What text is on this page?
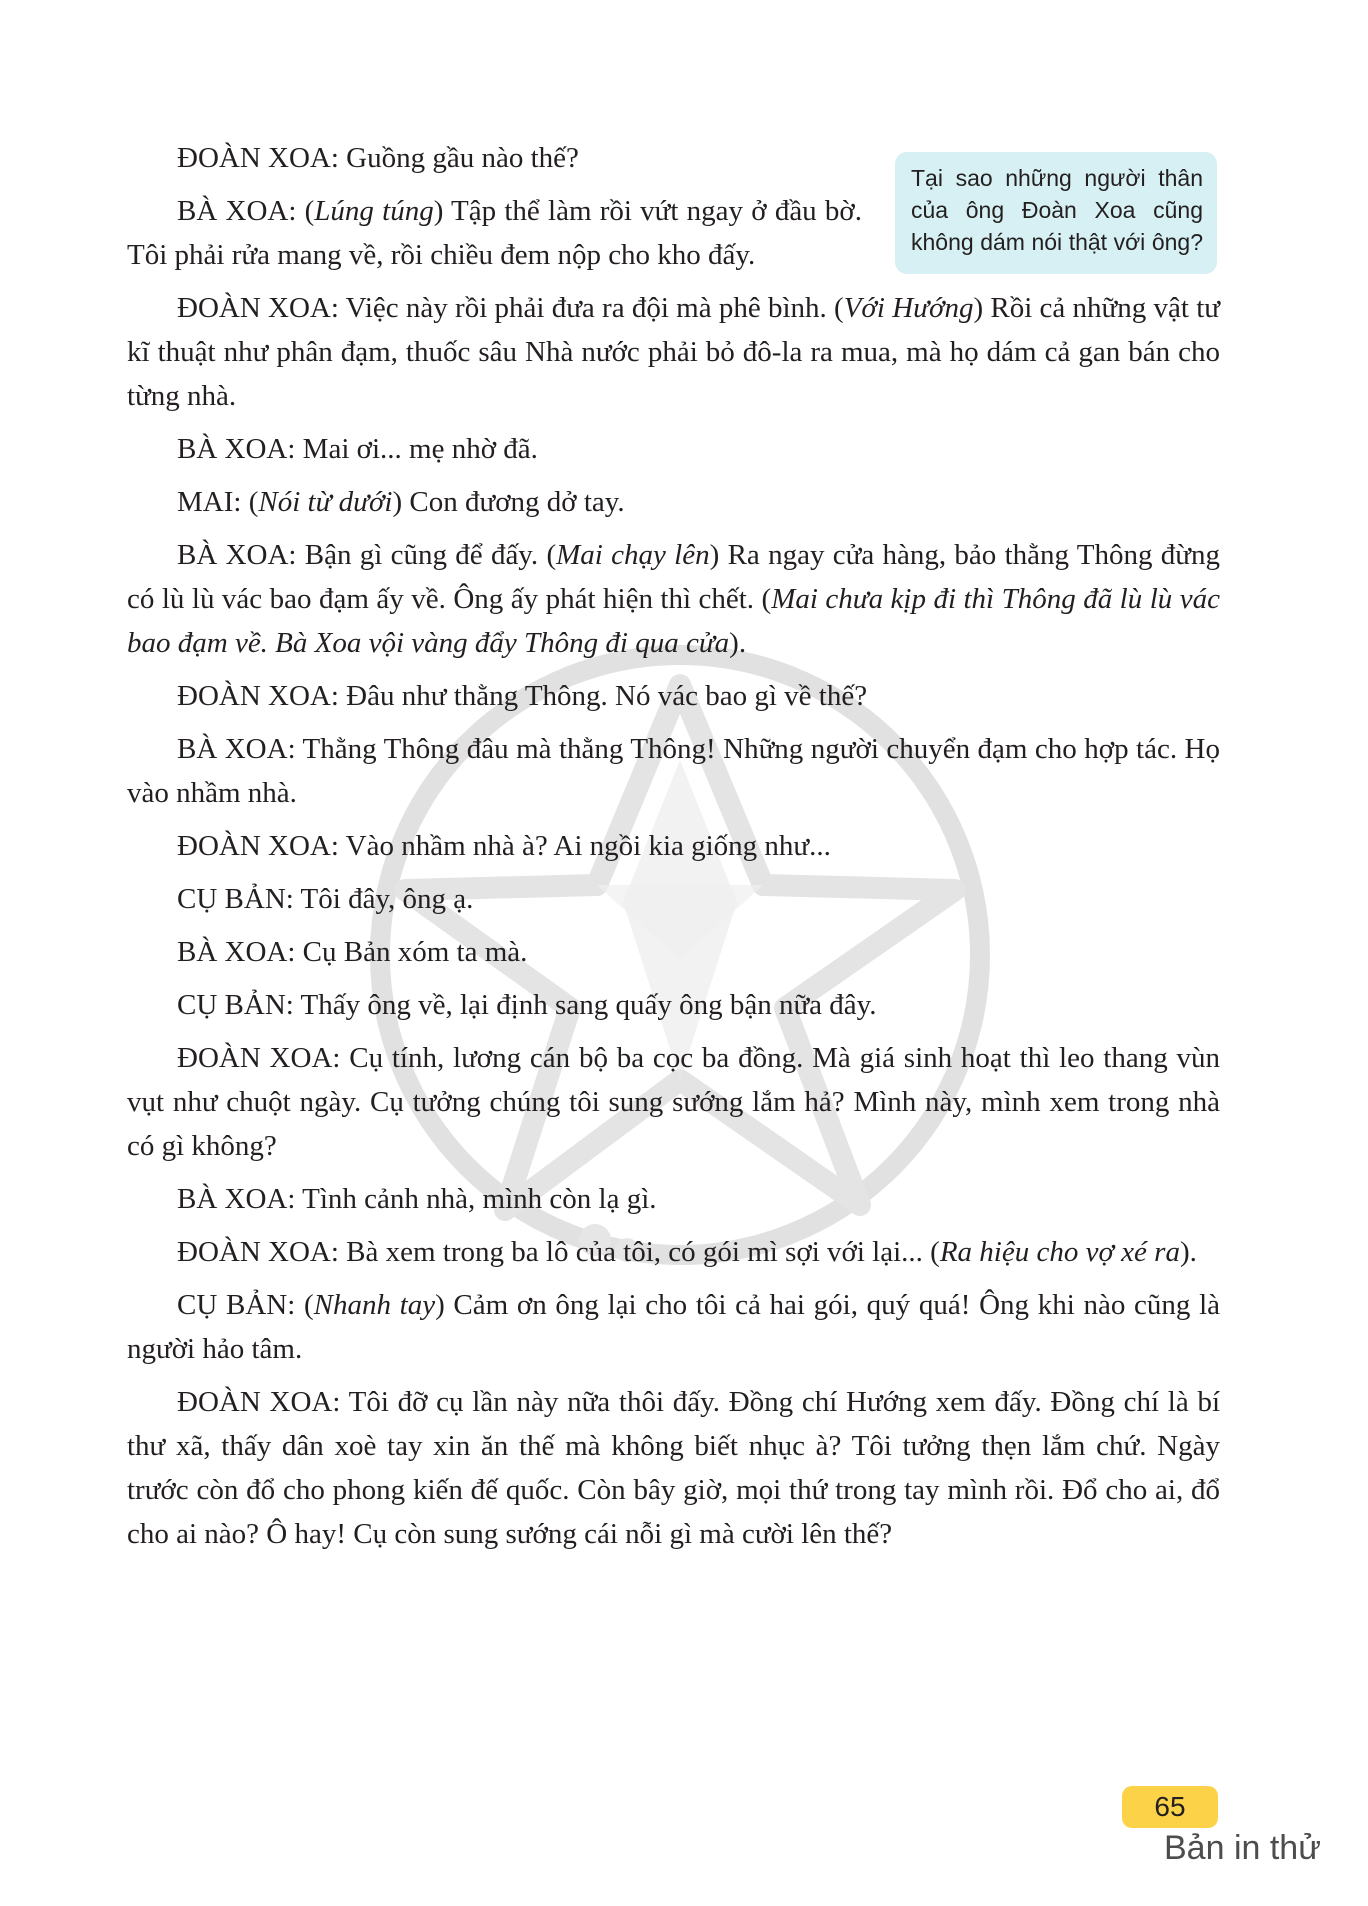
Tại sao những người thân
của ông Đoàn Xoa cũng
không dám nói thật với ông?

ĐOÀN XOA: Guồng gầu nào thế?

BÀ XOA: (Lúng túng) Tập thể làm rồi vứt ngay ở đầu bờ. Tôi phải rửa mang về, rồi chiều đem nộp cho kho đấy.

ĐOÀN XOA: Việc này rồi phải đưa ra đội mà phê bình. (Với Hướng) Rồi cả những vật tư kĩ thuật như phân đạm, thuốc sâu Nhà nước phải bỏ đô-la ra mua, mà họ dám cả gan bán cho từng nhà.

BÀ XOA: Mai ơi... mẹ nhờ đã.

MAI: (Nói từ dưới) Con đương dở tay.

BÀ XOA: Bận gì cũng để đấy. (Mai chạy lên) Ra ngay cửa hàng, bảo thằng Thông đừng có lù lù vác bao đạm ấy về. Ông ấy phát hiện thì chết. (Mai chưa kịp đi thì Thông đã lù lù vác bao đạm về. Bà Xoa vội vàng đẩy Thông đi qua cửa).

ĐOÀN XOA: Đâu như thằng Thông. Nó vác bao gì về thế?

BÀ XOA: Thằng Thông đâu mà thằng Thông! Những người chuyển đạm cho hợp tác. Họ vào nhầm nhà.

ĐOÀN XOA: Vào nhầm nhà à? Ai ngồi kia giống như...

CỤ BẢN: Tôi đây, ông ạ.

BÀ XOA: Cụ Bản xóm ta mà.

CỤ BẢN: Thấy ông về, lại định sang quấy ông bận nữa đây.

ĐOÀN XOA: Cụ tính, lương cán bộ ba cọc ba đồng. Mà giá sinh hoạt thì leo thang vùn vụt như chuột ngày. Cụ tưởng chúng tôi sung sướng lắm hả? Mình này, mình xem trong nhà có gì không?

BÀ XOA: Tình cảnh nhà, mình còn lạ gì.

ĐOÀN XOA: Bà xem trong ba lô của tôi, có gói mì sợi với lại... (Ra hiệu cho vợ xé ra).

CỤ BẢN: (Nhanh tay) Cảm ơn ông lại cho tôi cả hai gói, quý quá! Ông khi nào cũng là người hảo tâm.

ĐOÀN XOA: Tôi đỡ cụ lần này nữa thôi đấy. Đồng chí Hướng xem đấy. Đồng chí là bí thư xã, thấy dân xoè tay xin ăn thế mà không biết nhục à? Tôi tưởng thẹn lắm chứ. Ngày trước còn đổ cho phong kiến đế quốc. Còn bây giờ, mọi thứ trong tay mình rồi. Đổ cho ai, đổ cho ai nào? Ô hay! Cụ còn sung sướng cái nỗi gì mà cười lên thế?

65
Bản in thử
